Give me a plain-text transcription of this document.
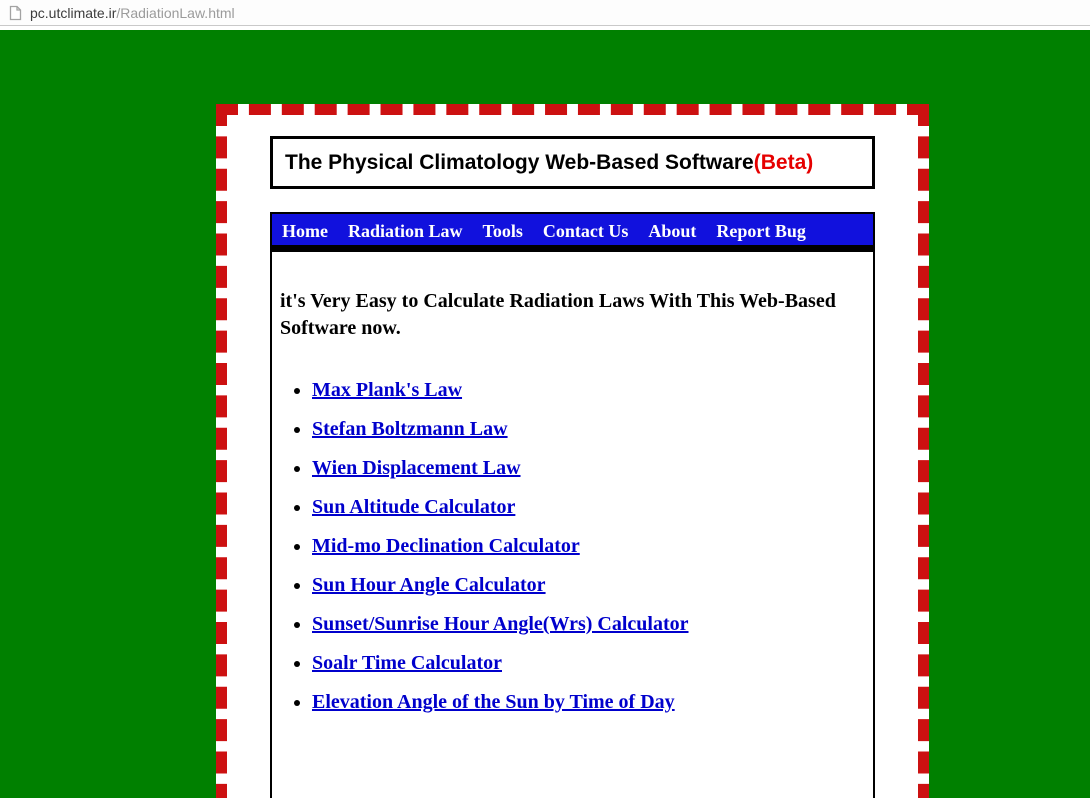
pc.utclimate.ir/RadiationLaw.html
The Physical Climatology Web-Based Software(Beta)
Home Radiation Law Tools Contact Us About Report Bug
it's Very Easy to Calculate Radiation Laws With This Web-Based Software now.
• Max Plank's Law
• Stefan Boltzmann Law
• Wien Displacement Law
• Sun Altitude Calculator
• Mid-mo Declination Calculator
• Sun Hour Angle Calculator
• Sunset/Sunrise Hour Angle(Wrs) Calculator
• Soalr Time Calculator
• Elevation Angle of the Sun by Time of Day
